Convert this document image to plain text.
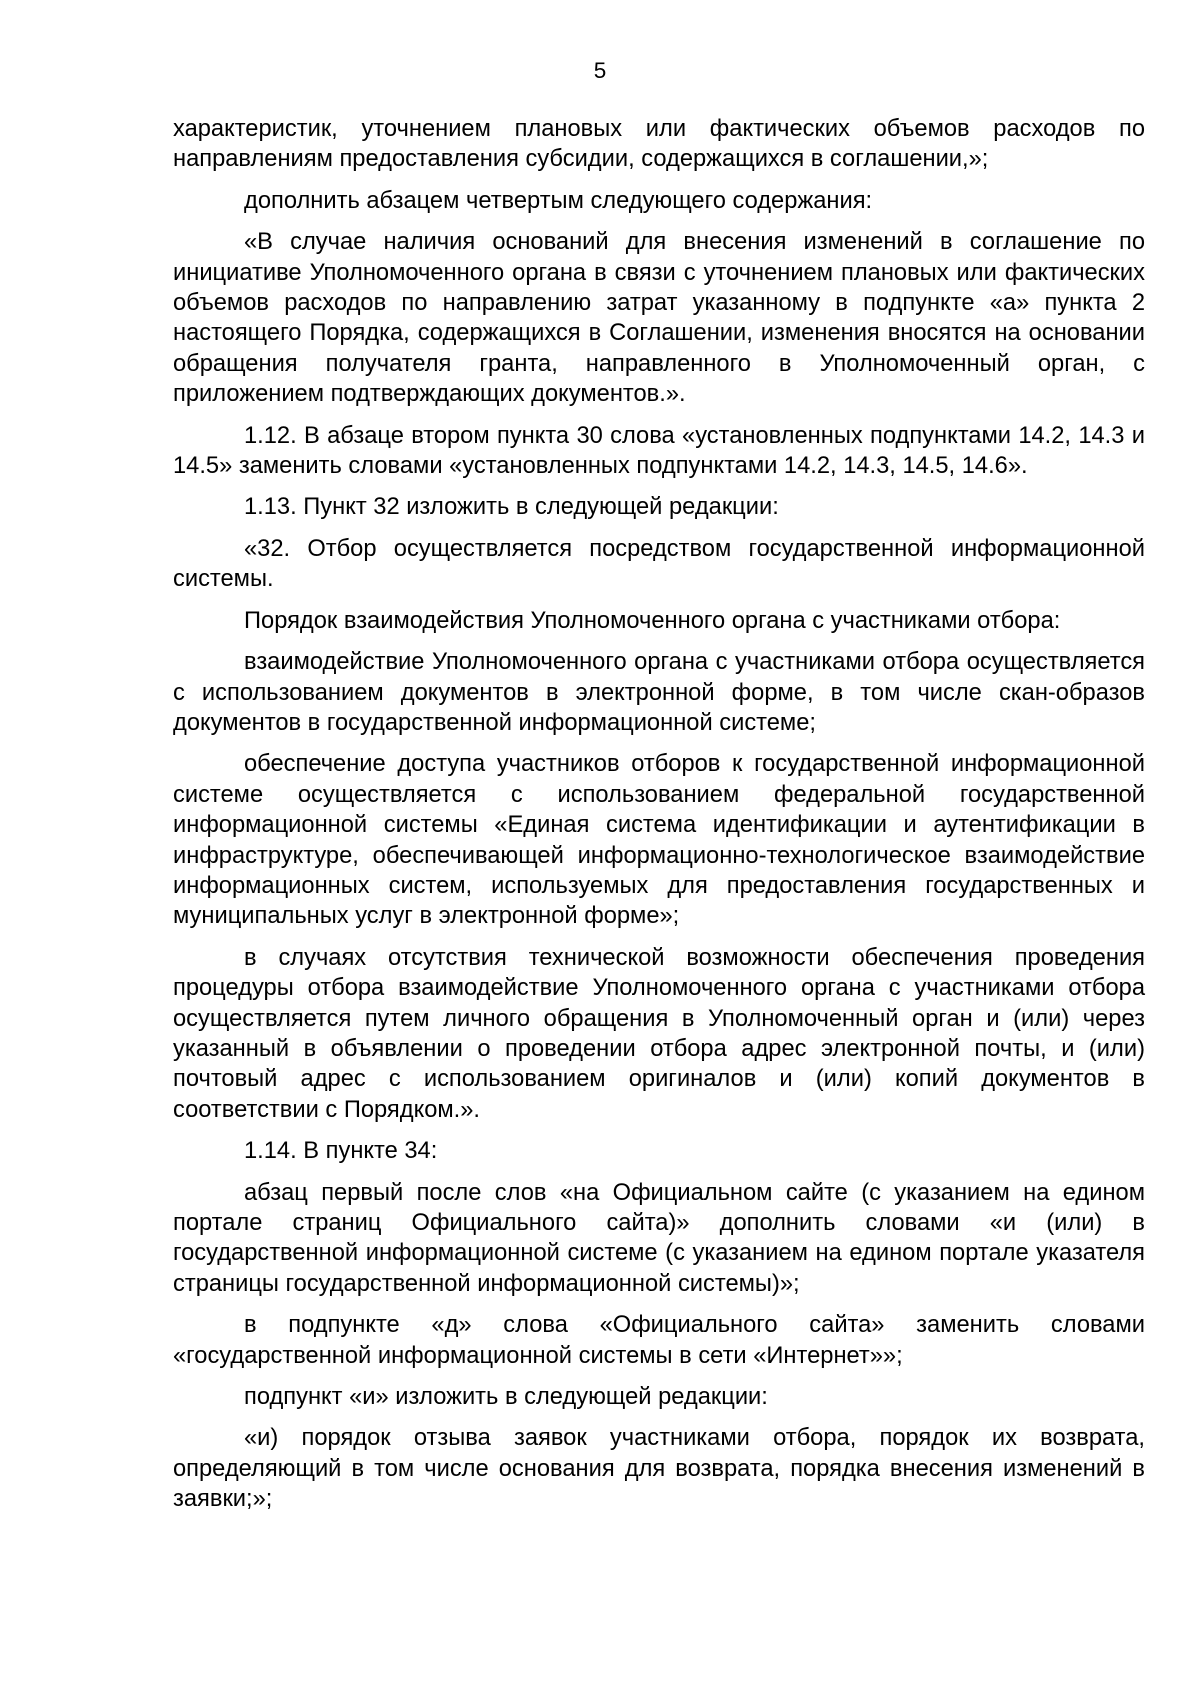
5

характеристик, уточнением плановых или фактических объемов расходов по направлениям предоставления субсидии, содержащихся в соглашении,»;

дополнить абзацем четвертым следующего содержания:

«В случае наличия оснований для внесения изменений в соглашение по инициативе Уполномоченного органа в связи с уточнением плановых или фактических объемов расходов по направлению затрат указанному в подпункте «а» пункта 2 настоящего Порядка, содержащихся в Соглашении, изменения вносятся на основании обращения получателя гранта, направленного в Уполномоченный орган, с приложением подтверждающих документов.».

1.12. В абзаце втором пункта 30 слова «установленных подпунктами 14.2, 14.3 и 14.5» заменить словами «установленных подпунктами 14.2, 14.3, 14.5, 14.6».

1.13. Пункт 32 изложить в следующей редакции:

«32. Отбор осуществляется посредством государственной информационной системы.

Порядок взаимодействия Уполномоченного органа с участниками отбора:

взаимодействие Уполномоченного органа с участниками отбора осуществляется с использованием документов в электронной форме, в том числе скан-образов документов в государственной информационной системе;

обеспечение доступа участников отборов к государственной информационной системе осуществляется с использованием федеральной государственной информационной системы «Единая система идентификации и аутентификации в инфраструктуре, обеспечивающей информационно-технологическое взаимодействие информационных систем, используемых для предоставления государственных и муниципальных услуг в электронной форме»;

в случаях отсутствия технической возможности обеспечения проведения процедуры отбора взаимодействие Уполномоченного органа с участниками отбора осуществляется путем личного обращения в Уполномоченный орган и (или) через указанный в объявлении о проведении отбора адрес электронной почты, и (или) почтовый адрес с использованием оригиналов и (или) копий документов в соответствии с Порядком.».

1.14. В пункте 34:

абзац первый после слов «на Официальном сайте (с указанием на едином портале страниц Официального сайта)» дополнить словами «и (или) в государственной информационной системе (с указанием на едином портале указателя страницы государственной информационной системы)»;

в подпункте «д» слова «Официального сайта» заменить словами «государственной информационной системы в сети «Интернет»»;

подпункт «и» изложить в следующей редакции:

«и) порядок отзыва заявок участниками отбора, порядок их возврата, определяющий в том числе основания для возврата, порядка внесения изменений в заявки;»;
